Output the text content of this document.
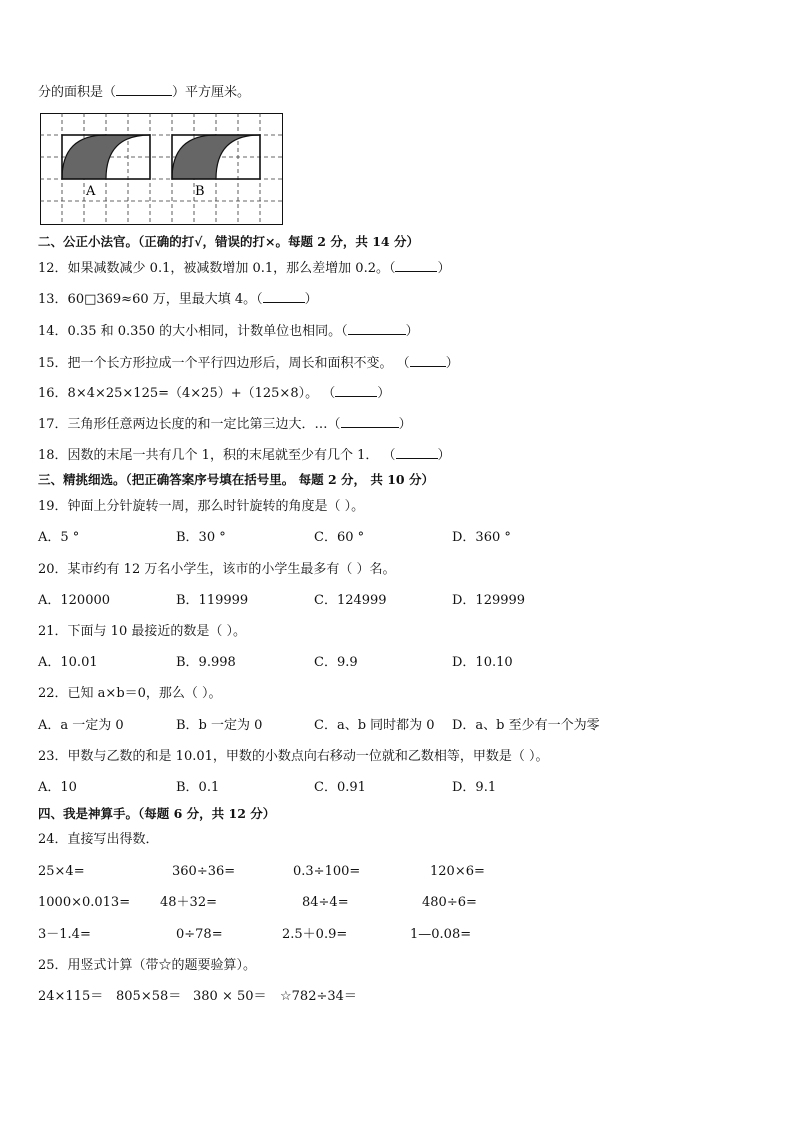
分的面积是（	）平方厘米。
A	B
二、公正小法官。（正确的打√，错误的打×。每题 2 分，共 14 分）
12．如果减数减少 0.1，被减数增加 0.1，那么差增加 0.2。（	）
13．60□369≈60 万，里最大填 4。（	）
14．0.35 和 0.350 的大小相同，计数单位也相同。（	）
15．把一个长方形拉成一个平行四边形后，周长和面积不变。 （	）
16．8×4×25×125=（4×25）+（125×8）。 （	）
17．三角形任意两边长度的和一定比第三边大．…（	）
18．因数的末尾一共有几个 1，积的末尾就至少有几个 1． （	）
三、精挑细选。（把正确答案序号填在括号里。 每题 2 分， 共 10 分）
19．钟面上分针旋转一周，那么时针旋转的角度是（ ）。
A．5 °	B．30 °	C．60 °	D．360 °
20．某市约有 12 万名小学生，该市的小学生最多有（ ）名。
A．120000	B．119999	C．124999	D．129999
21．下面与 10 最接近的数是（ ）。
A．10.01	B．9.998	C．9.9	D．10.10
22．已知 a×b＝0，那么（ ）。
A．a 一定为 0	B．b 一定为 0	C．a、b 同时都为 0 D．a、b 至少有一个为零
23．甲数与乙数的和是 10.01，甲数的小数点向右移动一位就和乙数相等，甲数是（ ）。
A．10	B．0.1	C．0.91	D．9.1
四、我是神算手。（每题 6 分，共 12 分）
24．直接写出得数．
25×4=	360÷36=	0.3÷100=	120×6=
1000×0.013= 48＋32=	84÷4=	480÷6=
3－1.4=	0÷78=	2.5＋0.9=	1—0.08=
25．用竖式计算（带☆的题要验算）。
24×115＝ 805×58＝ 380 × 50＝ ☆782÷34＝
